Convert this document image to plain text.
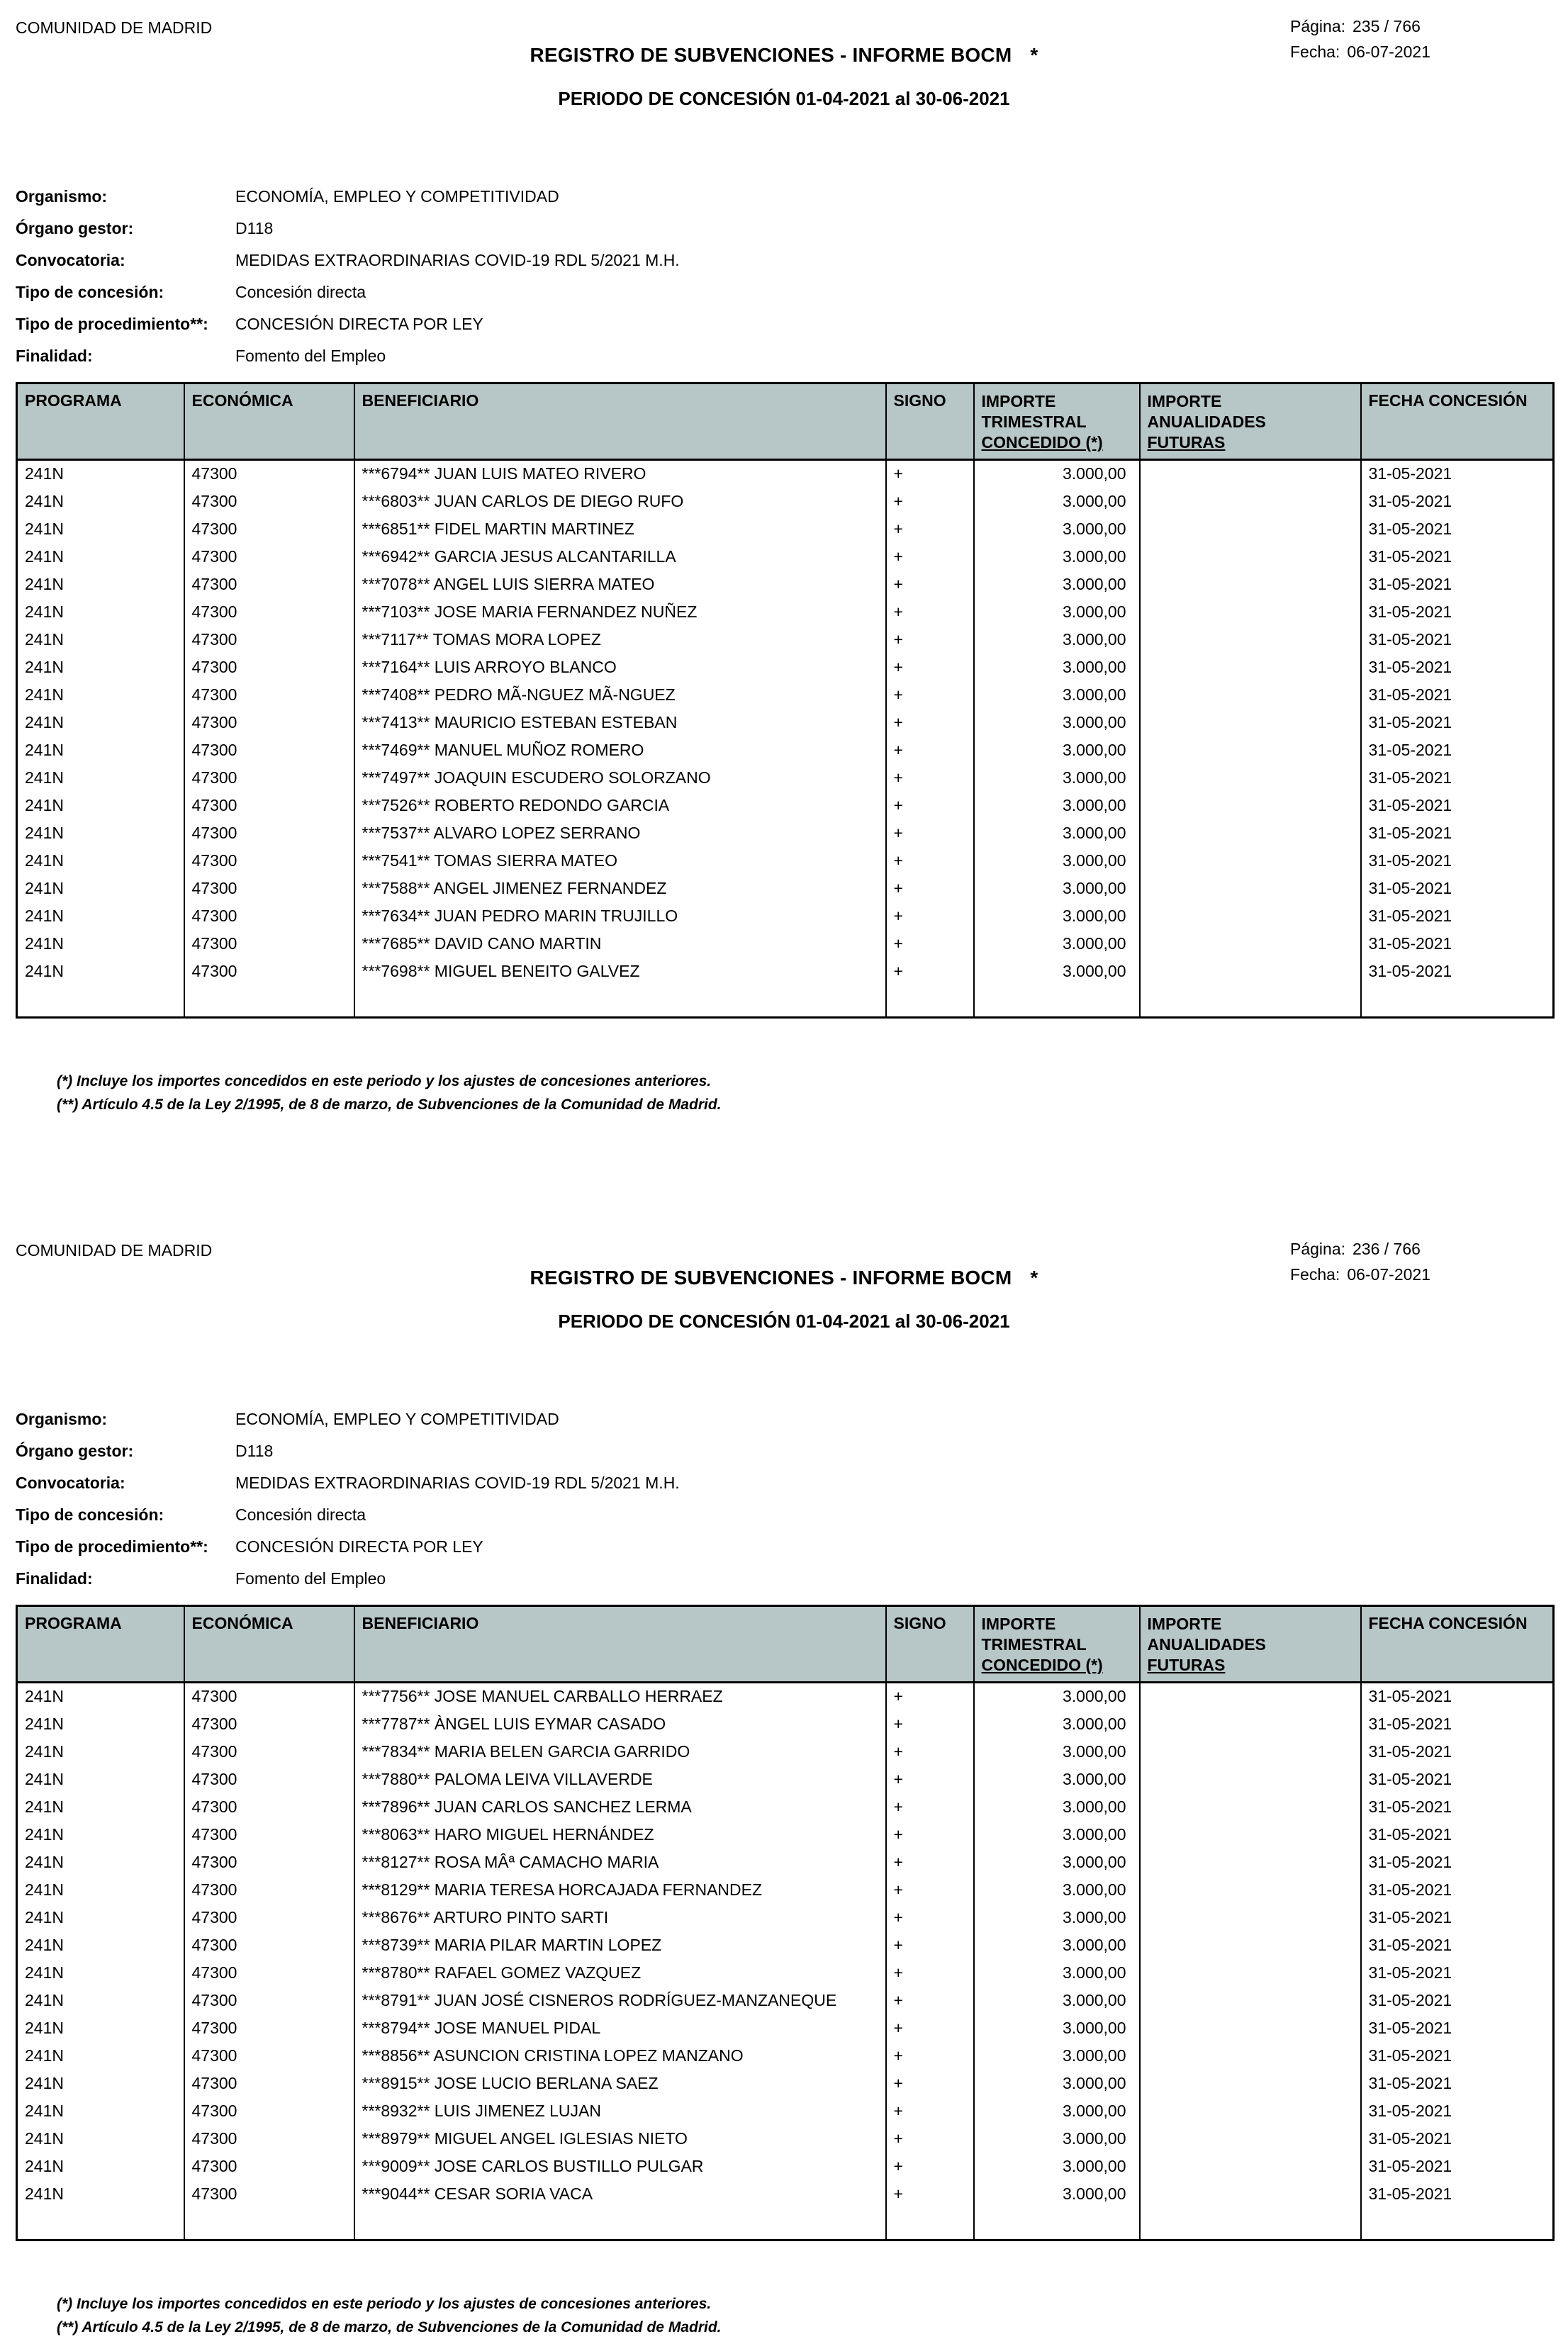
COMUNIDAD DE MADRID
REGISTRO DE SUBVENCIONES - INFORME BOCM *
PERIODO DE CONCESIÓN 01-04-2021 al 30-06-2021
Página: 235 / 766
Fecha: 06-07-2021
Organismo:	ECONOMÍA, EMPLEO Y COMPETITIVIDAD
Órgano gestor:	D118
Convocatoria:	MEDIDAS EXTRAORDINARIAS COVID-19 RDL 5/2021 M.H.
Tipo de concesión:	Concesión directa
Tipo de procedimiento**: CONCESIÓN DIRECTA POR LEY
Finalidad:	Fomento del Empleo
PROGRAMA	ECONÓMICA	BENEFICIARIO	SIGNO	IMPORTE
TRIMESTRAL
CONCEDIDO (*)	IMPORTE
ANUALIDADES
FUTURAS	FECHA CONCESIÓN
241N	47300	***6794** JUAN LUIS MATEO RIVERO	+	3.000,00		31-05-2021
241N	47300	***6803** JUAN CARLOS DE DIEGO RUFO	+	3.000,00		31-05-2021
241N	47300	***6851** FIDEL MARTIN MARTINEZ	+	3.000,00		31-05-2021
241N	47300	***6942** GARCIA JESUS ALCANTARILLA	+	3.000,00		31-05-2021
241N	47300	***7078** ANGEL LUIS SIERRA MATEO	+	3.000,00		31-05-2021
241N	47300	***7103** JOSE MARIA FERNANDEZ NUÑEZ	+	3.000,00		31-05-2021
241N	47300	***7117** TOMAS MORA LOPEZ	+	3.000,00		31-05-2021
241N	47300	***7164** LUIS ARROYO BLANCO	+	3.000,00		31-05-2021
241N	47300	***7408** PEDRO MÃ-NGUEZ MÃ-NGUEZ	+	3.000,00		31-05-2021
241N	47300	***7413** MAURICIO ESTEBAN ESTEBAN	+	3.000,00		31-05-2021
241N	47300	***7469** MANUEL MUÑOZ ROMERO	+	3.000,00		31-05-2021
241N	47300	***7497** JOAQUIN ESCUDERO SOLORZANO	+	3.000,00		31-05-2021
241N	47300	***7526** ROBERTO REDONDO GARCIA	+	3.000,00		31-05-2021
241N	47300	***7537** ALVARO LOPEZ SERRANO	+	3.000,00		31-05-2021
241N	47300	***7541** TOMAS SIERRA MATEO	+	3.000,00		31-05-2021
241N	47300	***7588** ANGEL JIMENEZ FERNANDEZ	+	3.000,00		31-05-2021
241N	47300	***7634** JUAN PEDRO MARIN TRUJILLO	+	3.000,00		31-05-2021
241N	47300	***7685** DAVID CANO MARTIN	+	3.000,00		31-05-2021
241N	47300	***7698** MIGUEL BENEITO GALVEZ	+	3.000,00		31-05-2021

(*) Incluye los importes concedidos en este periodo y los ajustes de concesiones anteriores.
(**) Artículo 4.5 de la Ley 2/1995, de 8 de marzo, de Subvenciones de la Comunidad de Madrid.
COMUNIDAD DE MADRID
REGISTRO DE SUBVENCIONES - INFORME BOCM *
PERIODO DE CONCESIÓN 01-04-2021 al 30-06-2021
Página: 236 / 766
Fecha: 06-07-2021
Organismo:	ECONOMÍA, EMPLEO Y COMPETITIVIDAD
Órgano gestor:	D118
Convocatoria:	MEDIDAS EXTRAORDINARIAS COVID-19 RDL 5/2021 M.H.
Tipo de concesión:	Concesión directa
Tipo de procedimiento**: CONCESIÓN DIRECTA POR LEY
Finalidad:	Fomento del Empleo
PROGRAMA	ECONÓMICA	BENEFICIARIO	SIGNO	IMPORTE
TRIMESTRAL
CONCEDIDO (*)	IMPORTE
ANUALIDADES
FUTURAS	FECHA CONCESIÓN
241N	47300	***7756** JOSE MANUEL CARBALLO HERRAEZ	+	3.000,00		31-05-2021
241N	47300	***7787** ÀNGEL LUIS EYMAR CASADO	+	3.000,00		31-05-2021
241N	47300	***7834** MARIA BELEN GARCIA GARRIDO	+	3.000,00		31-05-2021
241N	47300	***7880** PALOMA LEIVA VILLAVERDE	+	3.000,00		31-05-2021
241N	47300	***7896** JUAN CARLOS SANCHEZ LERMA	+	3.000,00		31-05-2021
241N	47300	***8063** HARO MIGUEL HERNÁNDEZ	+	3.000,00		31-05-2021
241N	47300	***8127** ROSA MÂª CAMACHO MARIA	+	3.000,00		31-05-2021
241N	47300	***8129** MARIA TERESA HORCAJADA FERNANDEZ	+	3.000,00		31-05-2021
241N	47300	***8676** ARTURO PINTO SARTI	+	3.000,00		31-05-2021
241N	47300	***8739** MARIA PILAR MARTIN LOPEZ	+	3.000,00		31-05-2021
241N	47300	***8780** RAFAEL GOMEZ VAZQUEZ	+	3.000,00		31-05-2021
241N	47300	***8791** JUAN JOSÉ CISNEROS RODRÍGUEZ-MANZANEQUE	+	3.000,00		31-05-2021
241N	47300	***8794** JOSE MANUEL PIDAL	+	3.000,00		31-05-2021
241N	47300	***8856** ASUNCION CRISTINA LOPEZ MANZANO	+	3.000,00		31-05-2021
241N	47300	***8915** JOSE LUCIO BERLANA SAEZ	+	3.000,00		31-05-2021
241N	47300	***8932** LUIS JIMENEZ LUJAN	+	3.000,00		31-05-2021
241N	47300	***8979** MIGUEL ANGEL IGLESIAS NIETO	+	3.000,00		31-05-2021
241N	47300	***9009** JOSE CARLOS BUSTILLO PULGAR	+	3.000,00		31-05-2021
241N	47300	***9044** CESAR SORIA VACA	+	3.000,00		31-05-2021

(*) Incluye los importes concedidos en este periodo y los ajustes de concesiones anteriores.
(**) Artículo 4.5 de la Ley 2/1995, de 8 de marzo, de Subvenciones de la Comunidad de Madrid.
